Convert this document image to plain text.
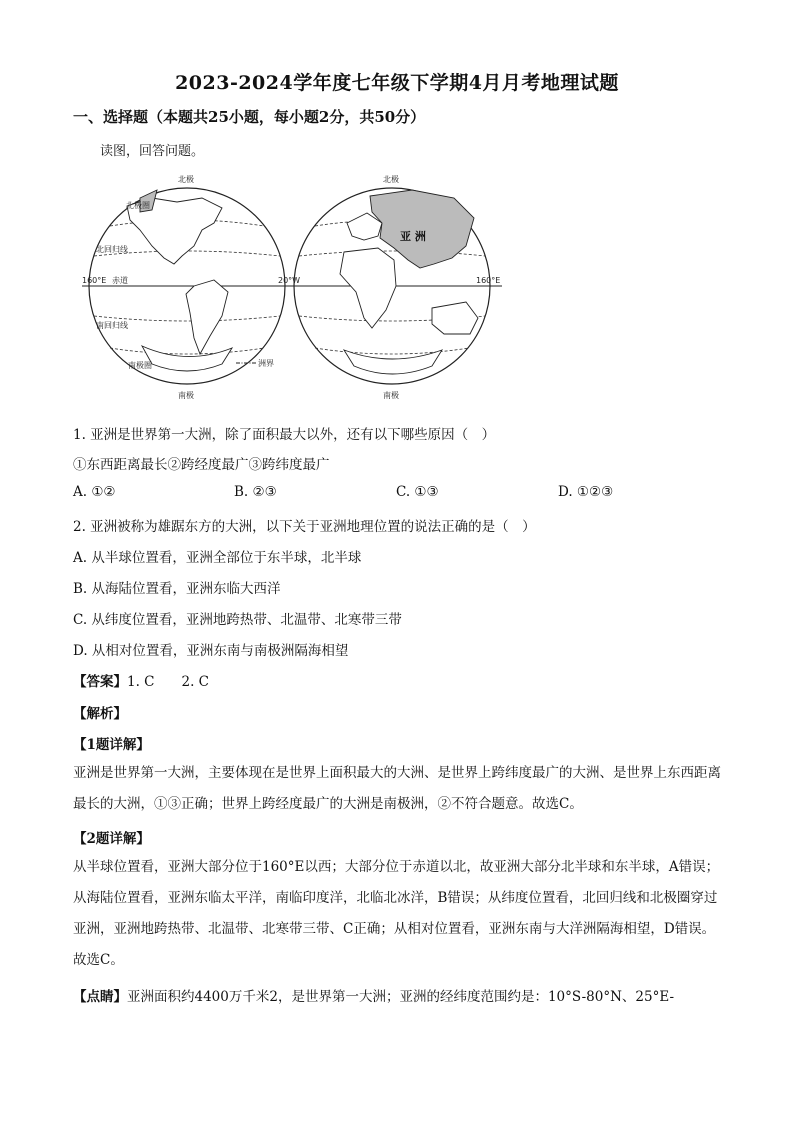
2023-2024学年度七年级下学期4月月考地理试题
一、选择题（本题共25小题，每小题2分，共50分）
读图，回答问题。
北极	北极
北极圈
北回归线
160°E 赤道	20°W	160°E
南回归线
南极圈
南极	南极
洲界
亚 洲
1. 亚洲是世界第一大洲，除了面积最大以外，还有以下哪些原因（　）
①东西距离最长②跨经度最广③跨纬度最广
A. ①②	B. ②③	C. ①③	D. ①②③
2. 亚洲被称为雄踞东方的大洲，以下关于亚洲地理位置的说法正确的是（　）
A. 从半球位置看，亚洲全部位于东半球，北半球
B. 从海陆位置看，亚洲东临大西洋
C. 从纬度位置看，亚洲地跨热带、北温带、北寒带三带
D. 从相对位置看，亚洲东南与南极洲隔海相望
【答案】1. C　　2. C
【解析】
【1题详解】
亚洲是世界第一大洲，主要体现在是世界上面积最大的大洲、是世界上跨纬度最广的大洲、是世界上东西距离最长的大洲，①③正确；世界上跨经度最广的大洲是南极洲，②不符合题意。故选C。
【2题详解】
从半球位置看，亚洲大部分位于160°E以西；大部分位于赤道以北，故亚洲大部分北半球和东半球，A错误；从海陆位置看，亚洲东临太平洋，南临印度洋，北临北冰洋，B错误；从纬度位置看，北回归线和北极圈穿过亚洲，亚洲地跨热带、北温带、北寒带三带、C正确；从相对位置看，亚洲东南与大洋洲隔海相望，D错误。故选C。
【点睛】亚洲面积约4400万千米2，是世界第一大洲；亚洲的经纬度范围约是：10°S-80°N、25°E-
